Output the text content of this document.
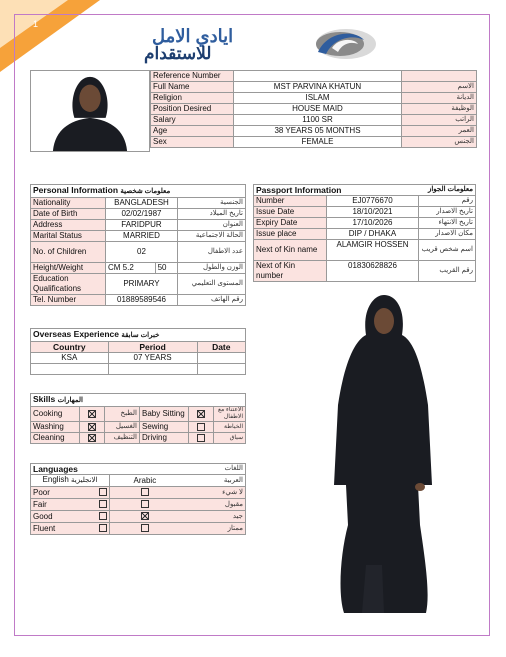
1
ايادي الامل
للاستقدام
Reference Number		
Full Name	MST PARVINA KHATUN	الاسم
Religion	ISLAM	الديانة
Position Desired	HOUSE MAID	الوظيفة
Salary	1100 SR	الراتب
Age	38 YEARS 05 MONTHS	العمر
Sex	FEMALE	الجنس
Personal Information معلومات شخصية			
Nationality	BANGLADESH		الجنسية
Date of Birth	02/02/1987		تاريخ الميلاد
Address	FARIDPUR		العنوان
Marital Status	MARRIED		الحالة الاجتماعية
No. of Children	02		عدد الاطفال
Height/Weight	CM 5.2	50	الوزن والطول
Education Qualifications	PRIMARY		المستوى التعليمي
Tel. Number	01889589546		رقم الهاتف
Passport Information معلومات الجواز		

Number	EJ0776670	رقم
Issue Date	18/10/2021	تاريخ الاصدار
Expiry Date	17/10/2026	تاريخ الانتهاء
Issue place	DIP / DHAKA	مكان الاصدار
Next of Kin name	ALAMGIR HOSSEN	اسم شخص قريب
Next of Kin number	01830628826	رقم القريب
Overseas Experience خبرات سابقة		
Country	Period	Date
KSA	07 YEARS	

Skills المهارات					
Cooking		الطبخ	Baby Sitting		الاعتناء مع الاطفال
Washing		الغسيل	Sewing		الخياطة
Cleaning		التنظيف	Driving		سياق
Languages		اللغات
English الانجليزية	Arabic	العربية
Poor		لا شيء
Fair		مقبول
Good		جيد
Fluent		ممتاز
